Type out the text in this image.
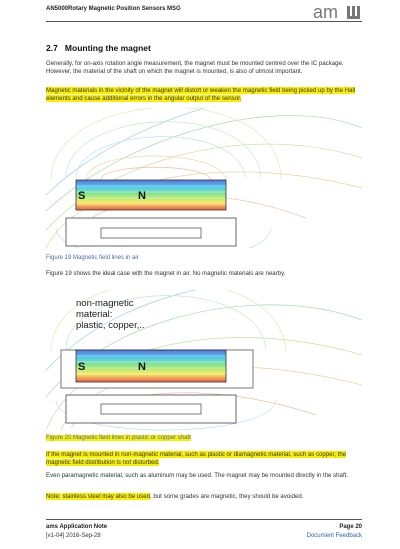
AN5000Rotary Magnetic Position Sensors MSG	am
2.7 Mounting the magnet

Generally, for on-axis rotation angle measurement, the magnet must be mounted centred over the IC package. However, the material of the shaft on which the magnet is mounted, is also of utmost important.

Magnetic materials in the vicinity of the magnet will distort or weaken the magnetic field being picked up by the Hall elements and cause additional errors in the angular output of the sensor.

S	N
Figure 19 Magnetic field lines in air

Figure 19 shows the ideal case with the magnet in air. No magnetic materials are nearby.

non-magnetic
material:
plastic, copper,..
S	N
Figure 20 Magnetic field lines in plastic or copper shaft

If the magnet is mounted in non-magnetic material, such as plastic or diamagnetic material, such as copper, the magnetic field distribution is not disturbed.

Even paramagnetic material, such as aluminum may be used. The magnet may be mounted directly in the shaft.

Note: stainless steel may also be used, but some grades are magnetic, they should be avoided.

ams Application Note
[v1-04] 2016-Sep-28
Page 20
Document Feedback
